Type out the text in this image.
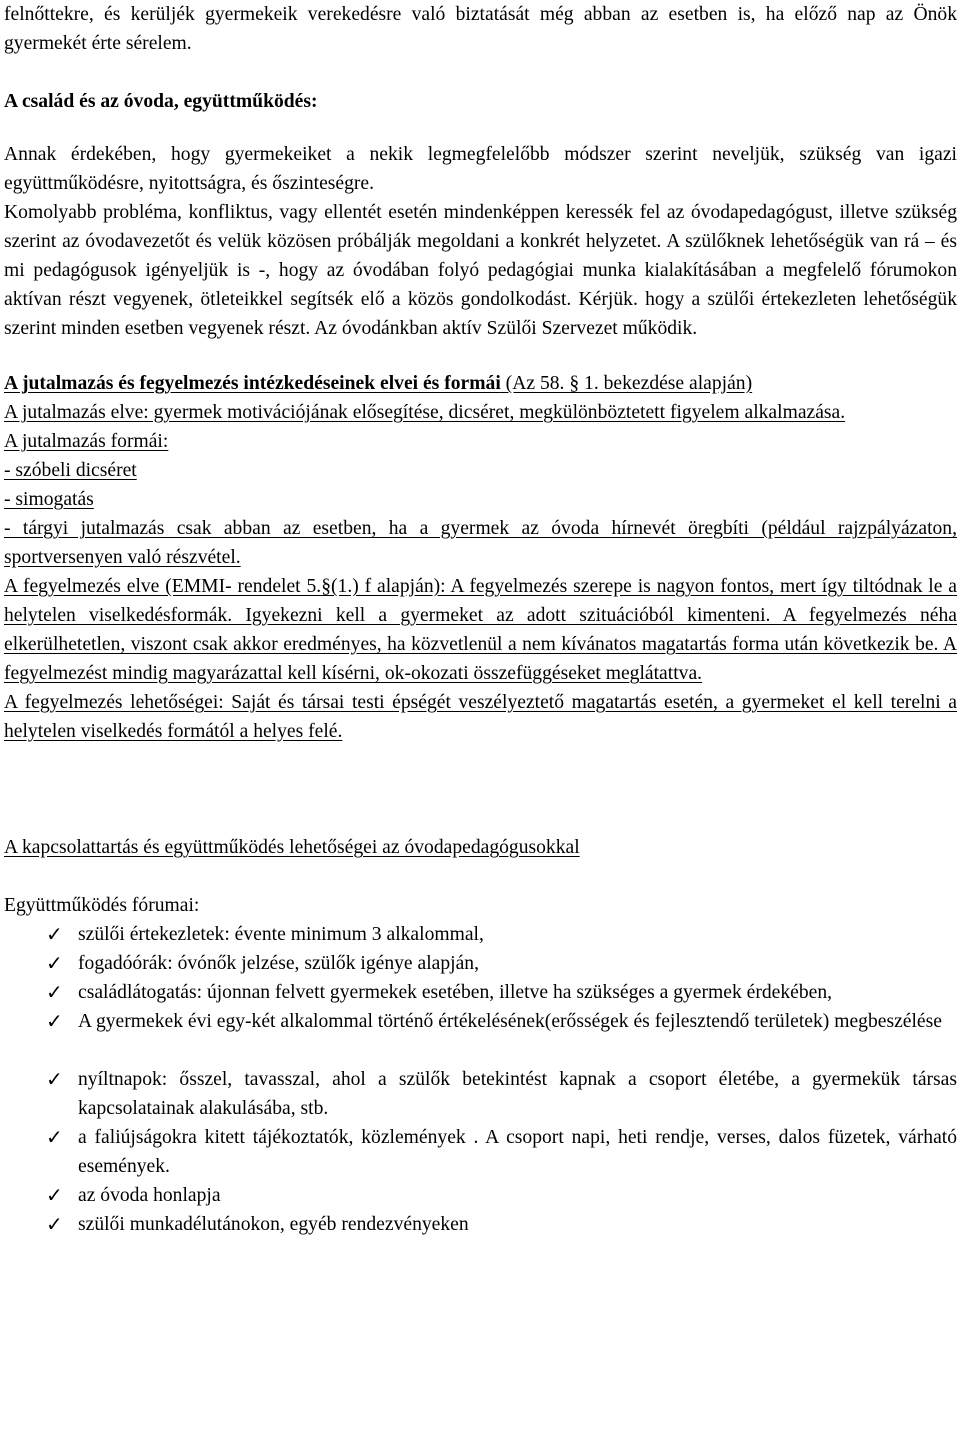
felnőttekre, és kerüljék gyermekeik verekedésre való biztatását még abban az esetben is, ha előző nap az Önök gyermekét érte sérelem.

A család és az óvoda, együttműködés:

Annak érdekében, hogy gyermekeiket a nekik legmegfelelőbb módszer szerint neveljük, szükség van igazi együttműködésre, nyitottságra, és őszinteségre.

Komolyabb probléma, konfliktus, vagy ellentét esetén mindenképpen keressék fel az óvodapedagógust, illetve szükség szerint az óvodavezetőt és velük közösen próbálják megoldani a konkrét helyzetet. A szülőknek lehetőségük van rá – és mi pedagógusok igényeljük is -, hogy az óvodában folyó pedagógiai munka kialakításában a megfelelő fórumokon aktívan részt vegyenek, ötleteikkel segítsék elő a közös gondolkodást. Kérjük. hogy a szülői értekezleten lehetőségük szerint minden esetben vegyenek részt. Az óvodánkban aktív Szülői Szervezet működik.

A jutalmazás és fegyelmezés intézkedéseinek elvei és formái (Az 58. § 1. bekezdése alapján)

A jutalmazás elve: gyermek motivációjának elősegítése, dicséret, megkülönböztetett figyelem alkalmazása.

A jutalmazás formái:

- szóbeli dicséret

- simogatás

- tárgyi jutalmazás csak abban az esetben, ha a gyermek az óvoda hírnevét öregbíti (például rajzpályázaton, sportversenyen való részvétel.

A fegyelmezés elve (EMMI- rendelet 5.§(1.) f alapján): A fegyelmezés szerepe is nagyon fontos, mert így tiltódnak le a helytelen viselkedésformák. Igyekezni kell a gyermeket az adott szituációból kimenteni. A fegyelmezés néha elkerülhetetlen, viszont csak akkor eredményes, ha közvetlenül a nem kívánatos magatartás forma után következik be. A fegyelmezést mindig magyarázattal kell kísérni, ok-okozati összefüggéseket meglátattva.

A fegyelmezés lehetőségei: Saját és társai testi épségét veszélyeztető magatartás esetén, a gyermeket el kell terelni a helytelen viselkedés formától a helyes felé.

A kapcsolattartás és együttműködés lehetőségei az óvodapedagógusokkal

Együttműködés fórumai:

✓ szülői értekezletek: évente minimum 3 alkalommal,
✓ fogadóórák: óvónők jelzése, szülők igénye alapján,
✓ családlátogatás: újonnan felvett gyermekek esetében, illetve ha szükséges a gyermek érdekében,
✓ A gyermekek évi egy-két alkalommal történő értékelésének(erősségek és fejlesztendő területek) megbeszélése
✓ nyíltnapok: ősszel, tavasszal, ahol a szülők betekintést kapnak a csoport életébe, a gyermekük társas kapcsolatainak alakulásába, stb.
✓ a faliújságokra kitett tájékoztatók, közlemények . A csoport napi, heti rendje, verses, dalos füzetek, várható események.
✓ az óvoda honlapja
✓ szülői munkadélutánokon, egyéb rendezvényeken
